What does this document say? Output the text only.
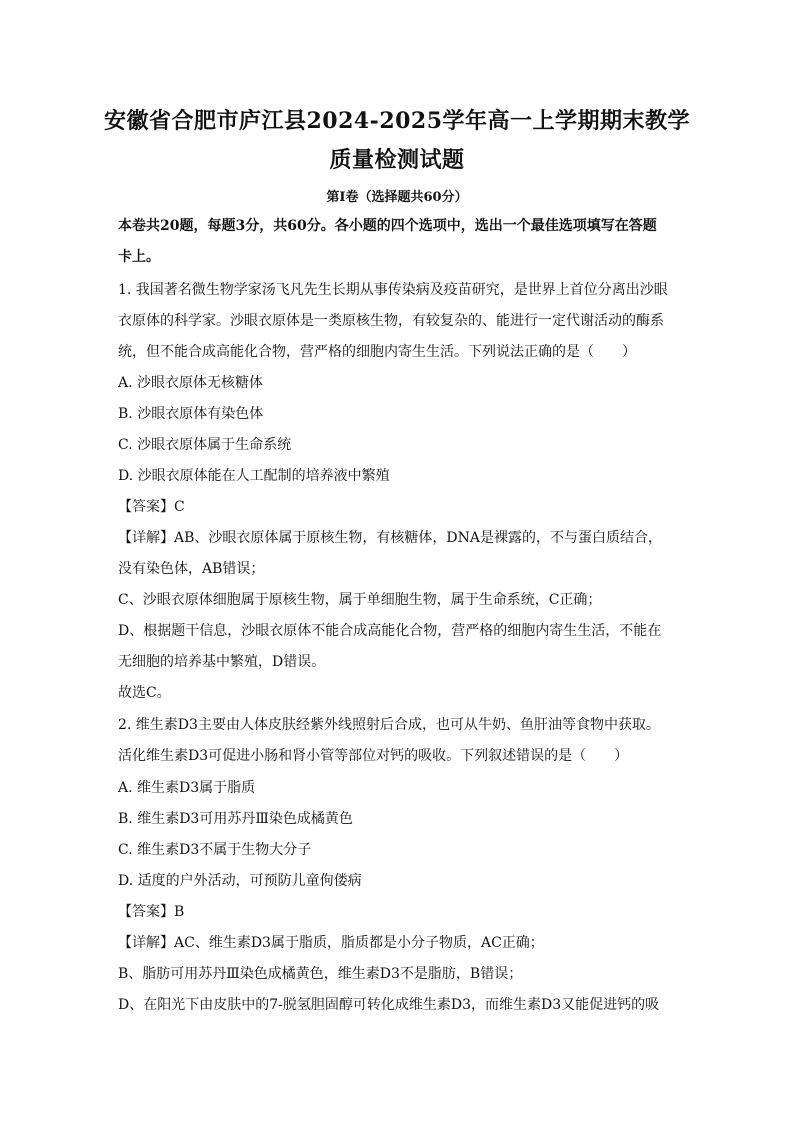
安徽省合肥市庐江县2024-2025学年高一上学期期末教学
质量检测试题
第Ⅰ卷（选择题共60分）
本卷共20题，每题3分，共60分。各小题的四个选项中，选出一个最佳选项填写在答题
卡上。
1. 我国著名微生物学家汤飞凡先生长期从事传染病及疫苗研究，是世界上首位分离出沙眼
衣原体的科学家。沙眼衣原体是一类原核生物，有较复杂的、能进行一定代谢活动的酶系
统，但不能合成高能化合物，营严格的细胞内寄生生活。下列说法正确的是（　　）
A. 沙眼衣原体无核糖体
B. 沙眼衣原体有染色体
C. 沙眼衣原体属于生命系统
D. 沙眼衣原体能在人工配制的培养液中繁殖
【答案】C
【详解】AB、沙眼衣原体属于原核生物，有核糖体，DNA是裸露的，不与蛋白质结合，
没有染色体，AB错误；
C、沙眼衣原体细胞属于原核生物，属于单细胞生物，属于生命系统，C正确；
D、根据题干信息，沙眼衣原体不能合成高能化合物，营严格的细胞内寄生生活，不能在
无细胞的培养基中繁殖，D错误。
故选C。
2. 维生素D3主要由人体皮肤经紫外线照射后合成，也可从牛奶、鱼肝油等食物中获取。
活化维生素D3可促进小肠和肾小管等部位对钙的吸收。下列叙述错误的是（　　）
A. 维生素D3属于脂质
B. 维生素D3可用苏丹Ⅲ染色成橘黄色
C. 维生素D3不属于生物大分子
D. 适度的户外活动，可预防儿童佝偻病
【答案】B
【详解】AC、维生素D3属于脂质，脂质都是小分子物质，AC正确；
B、脂肪可用苏丹Ⅲ染色成橘黄色，维生素D3不是脂肪，B错误；
D、在阳光下由皮肤中的7-脱氢胆固醇可转化成维生素D3，而维生素D3又能促进钙的吸
